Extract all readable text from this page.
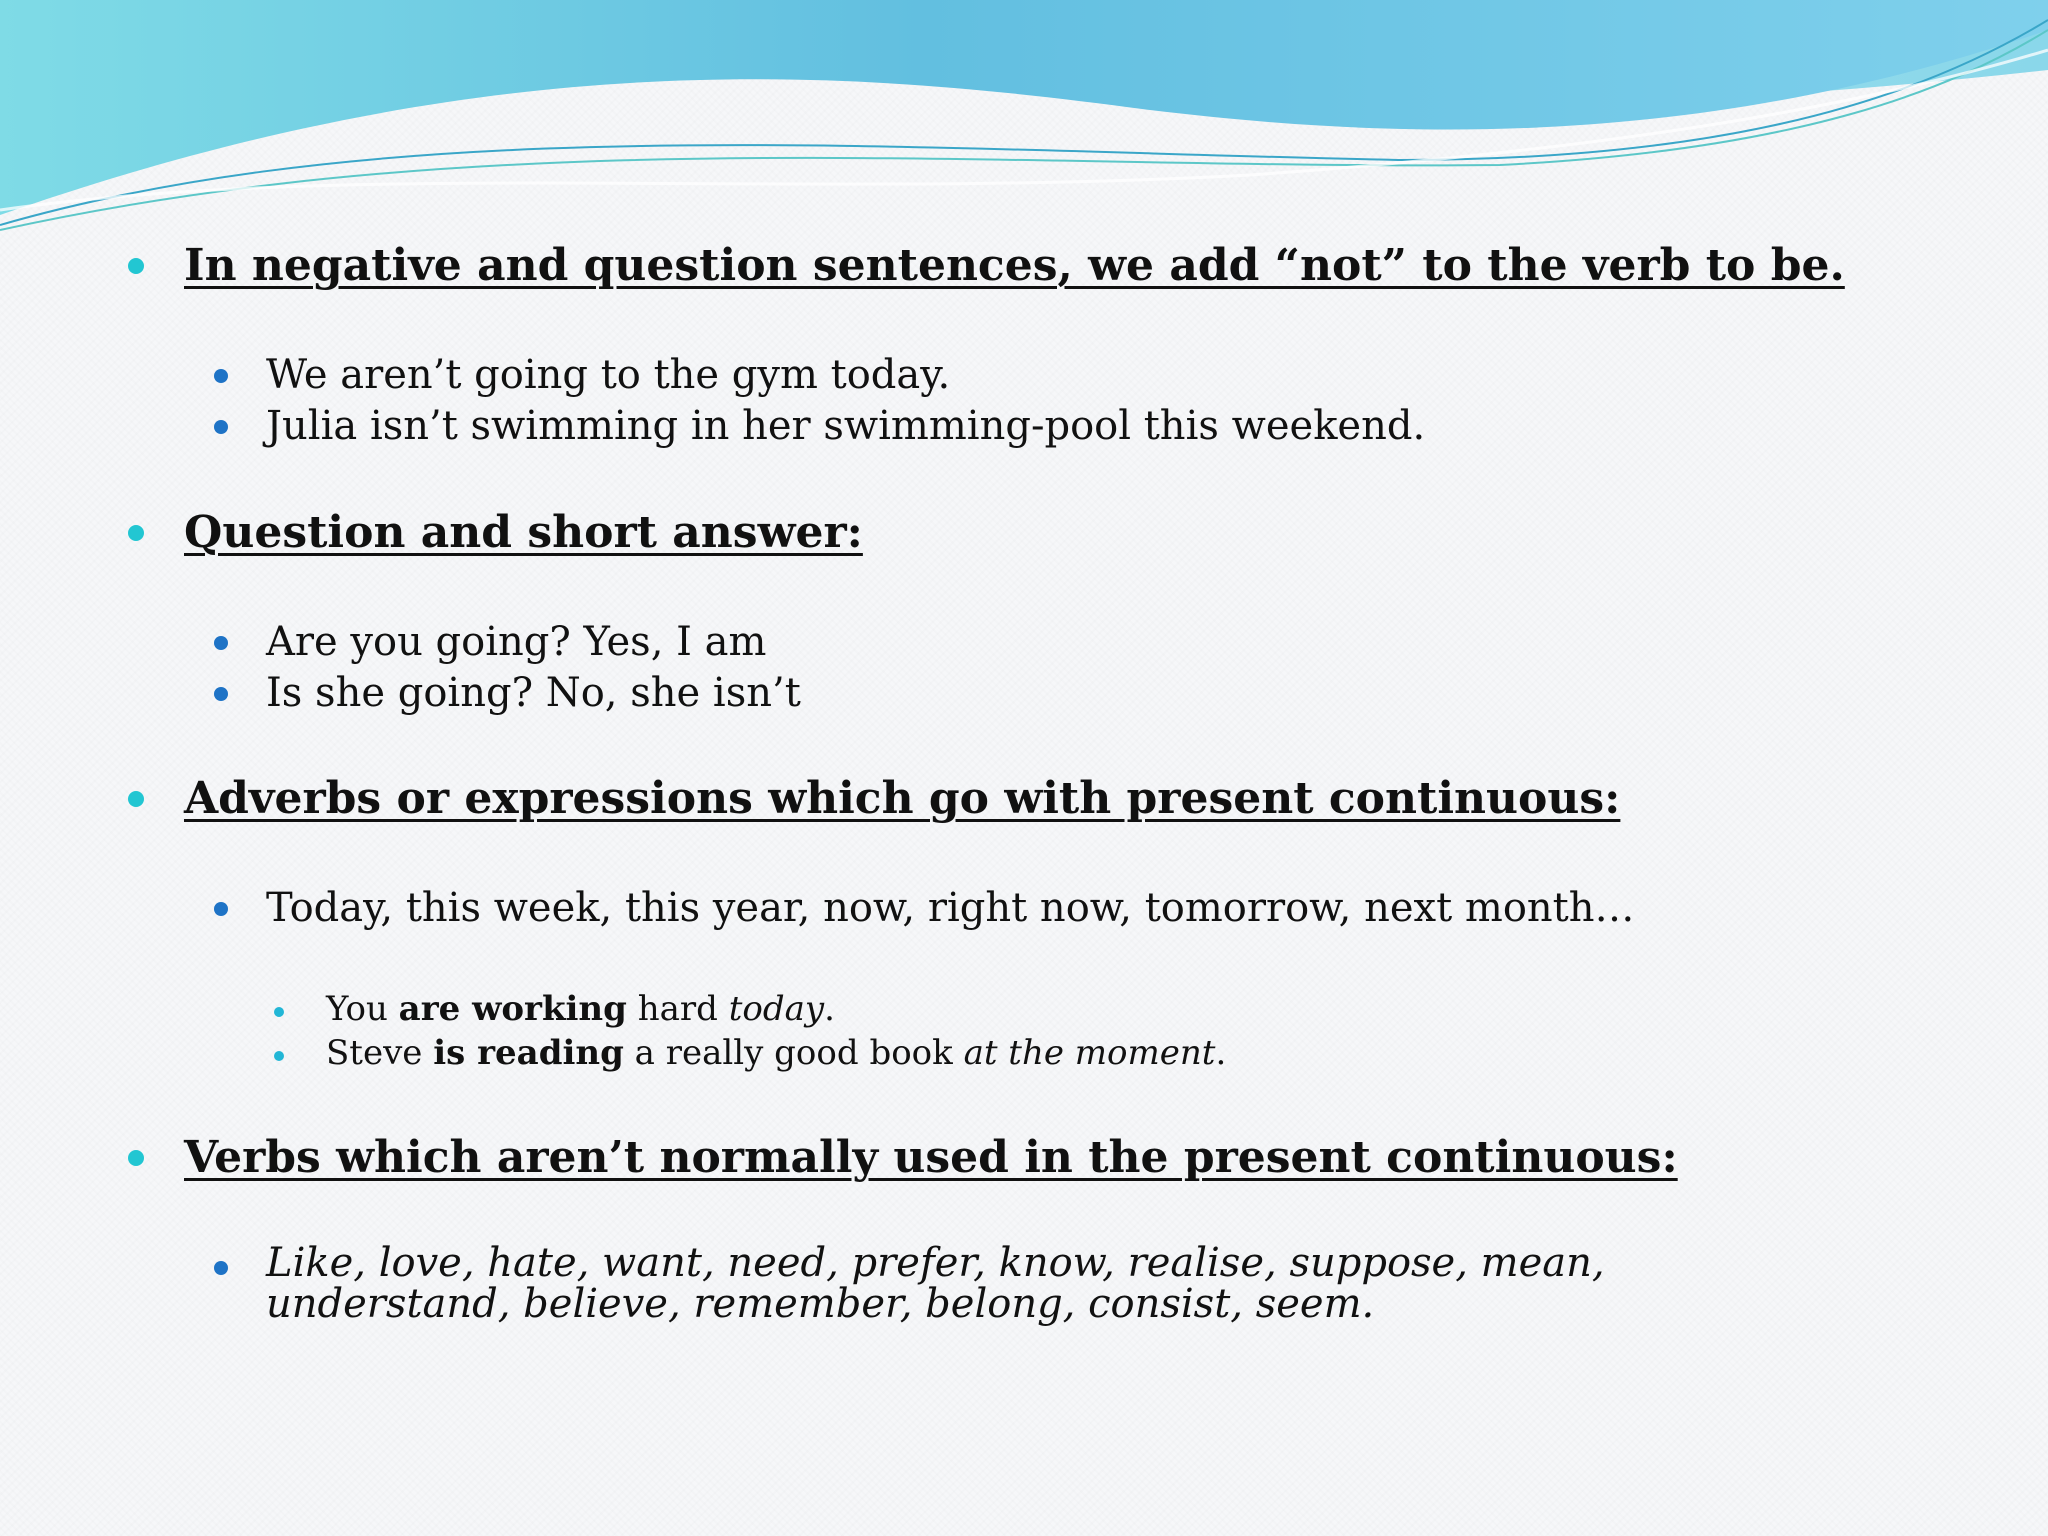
In negative and question sentences, we add “not” to the verb to be.
We aren’t going to the gym today.
Julia isn’t swimming in her swimming-pool this weekend.
Question and short answer:
Are you going? Yes, I am
Is she going? No, she isn’t
Adverbs or expressions which go with present continuous:
Today, this week, this year, now, right now, tomorrow, next month…
You are working hard today.
Steve is reading a really good book at the moment.
Verbs which aren’t normally used in the present continuous:
Like, love, hate, want, need, prefer, know, realise, suppose, mean, understand, believe, remember, belong, consist, seem.
